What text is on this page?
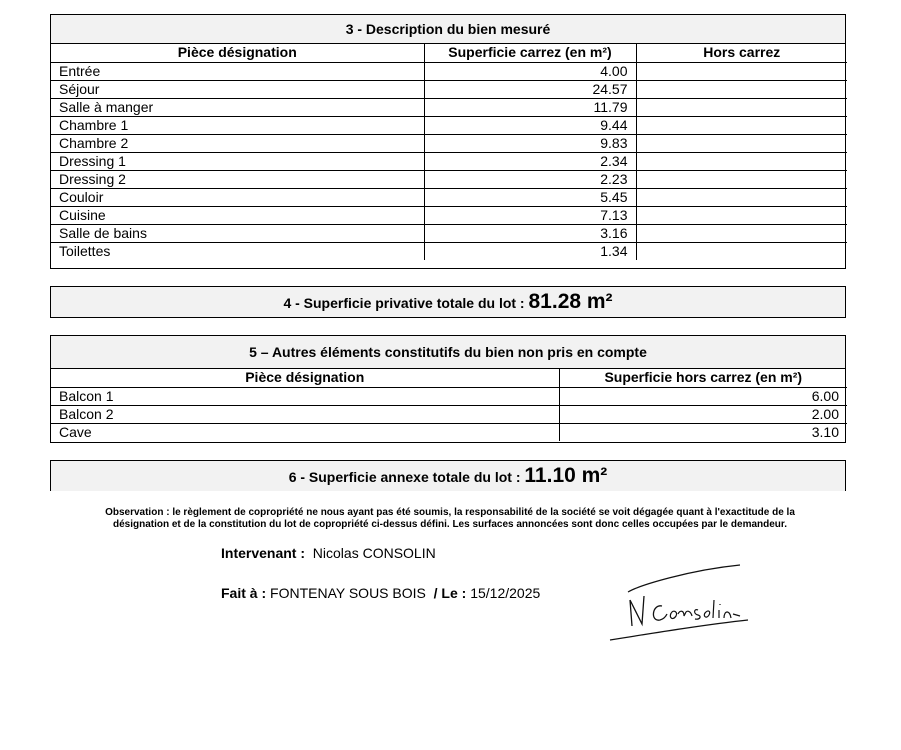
3 - Description du bien mesuré
Pièce désignation	Superficie carrez (en m²)	Hors carrez
Entrée	4.00	
Séjour	24.57	
Salle à manger	11.79	
Chambre 1	9.44	
Chambre 2	9.83	
Dressing 1	2.34	
Dressing 2	2.23	
Couloir	5.45	
Cuisine	7.13	
Salle de bains	3.16	
Toilettes	1.34	
4 - Superficie privative totale du lot : 81.28 m²
5 – Autres éléments constitutifs du bien non pris en compte
Pièce désignation	Superficie hors carrez (en m²)
Balcon 1	6.00
Balcon 2	2.00
Cave	3.10
6 - Superficie annexe totale du lot : 11.10 m²
Observation : le règlement de copropriété ne nous ayant pas été soumis, la responsabilité de la société se voit dégagée quant à l'exactitude de la
désignation et de la constitution du lot de copropriété ci-dessus défini. Les surfaces annoncées sont donc celles occupées par le demandeur.
Intervenant : Nicolas CONSOLIN
Fait à : FONTENAY SOUS BOIS  / Le : 15/12/2025
